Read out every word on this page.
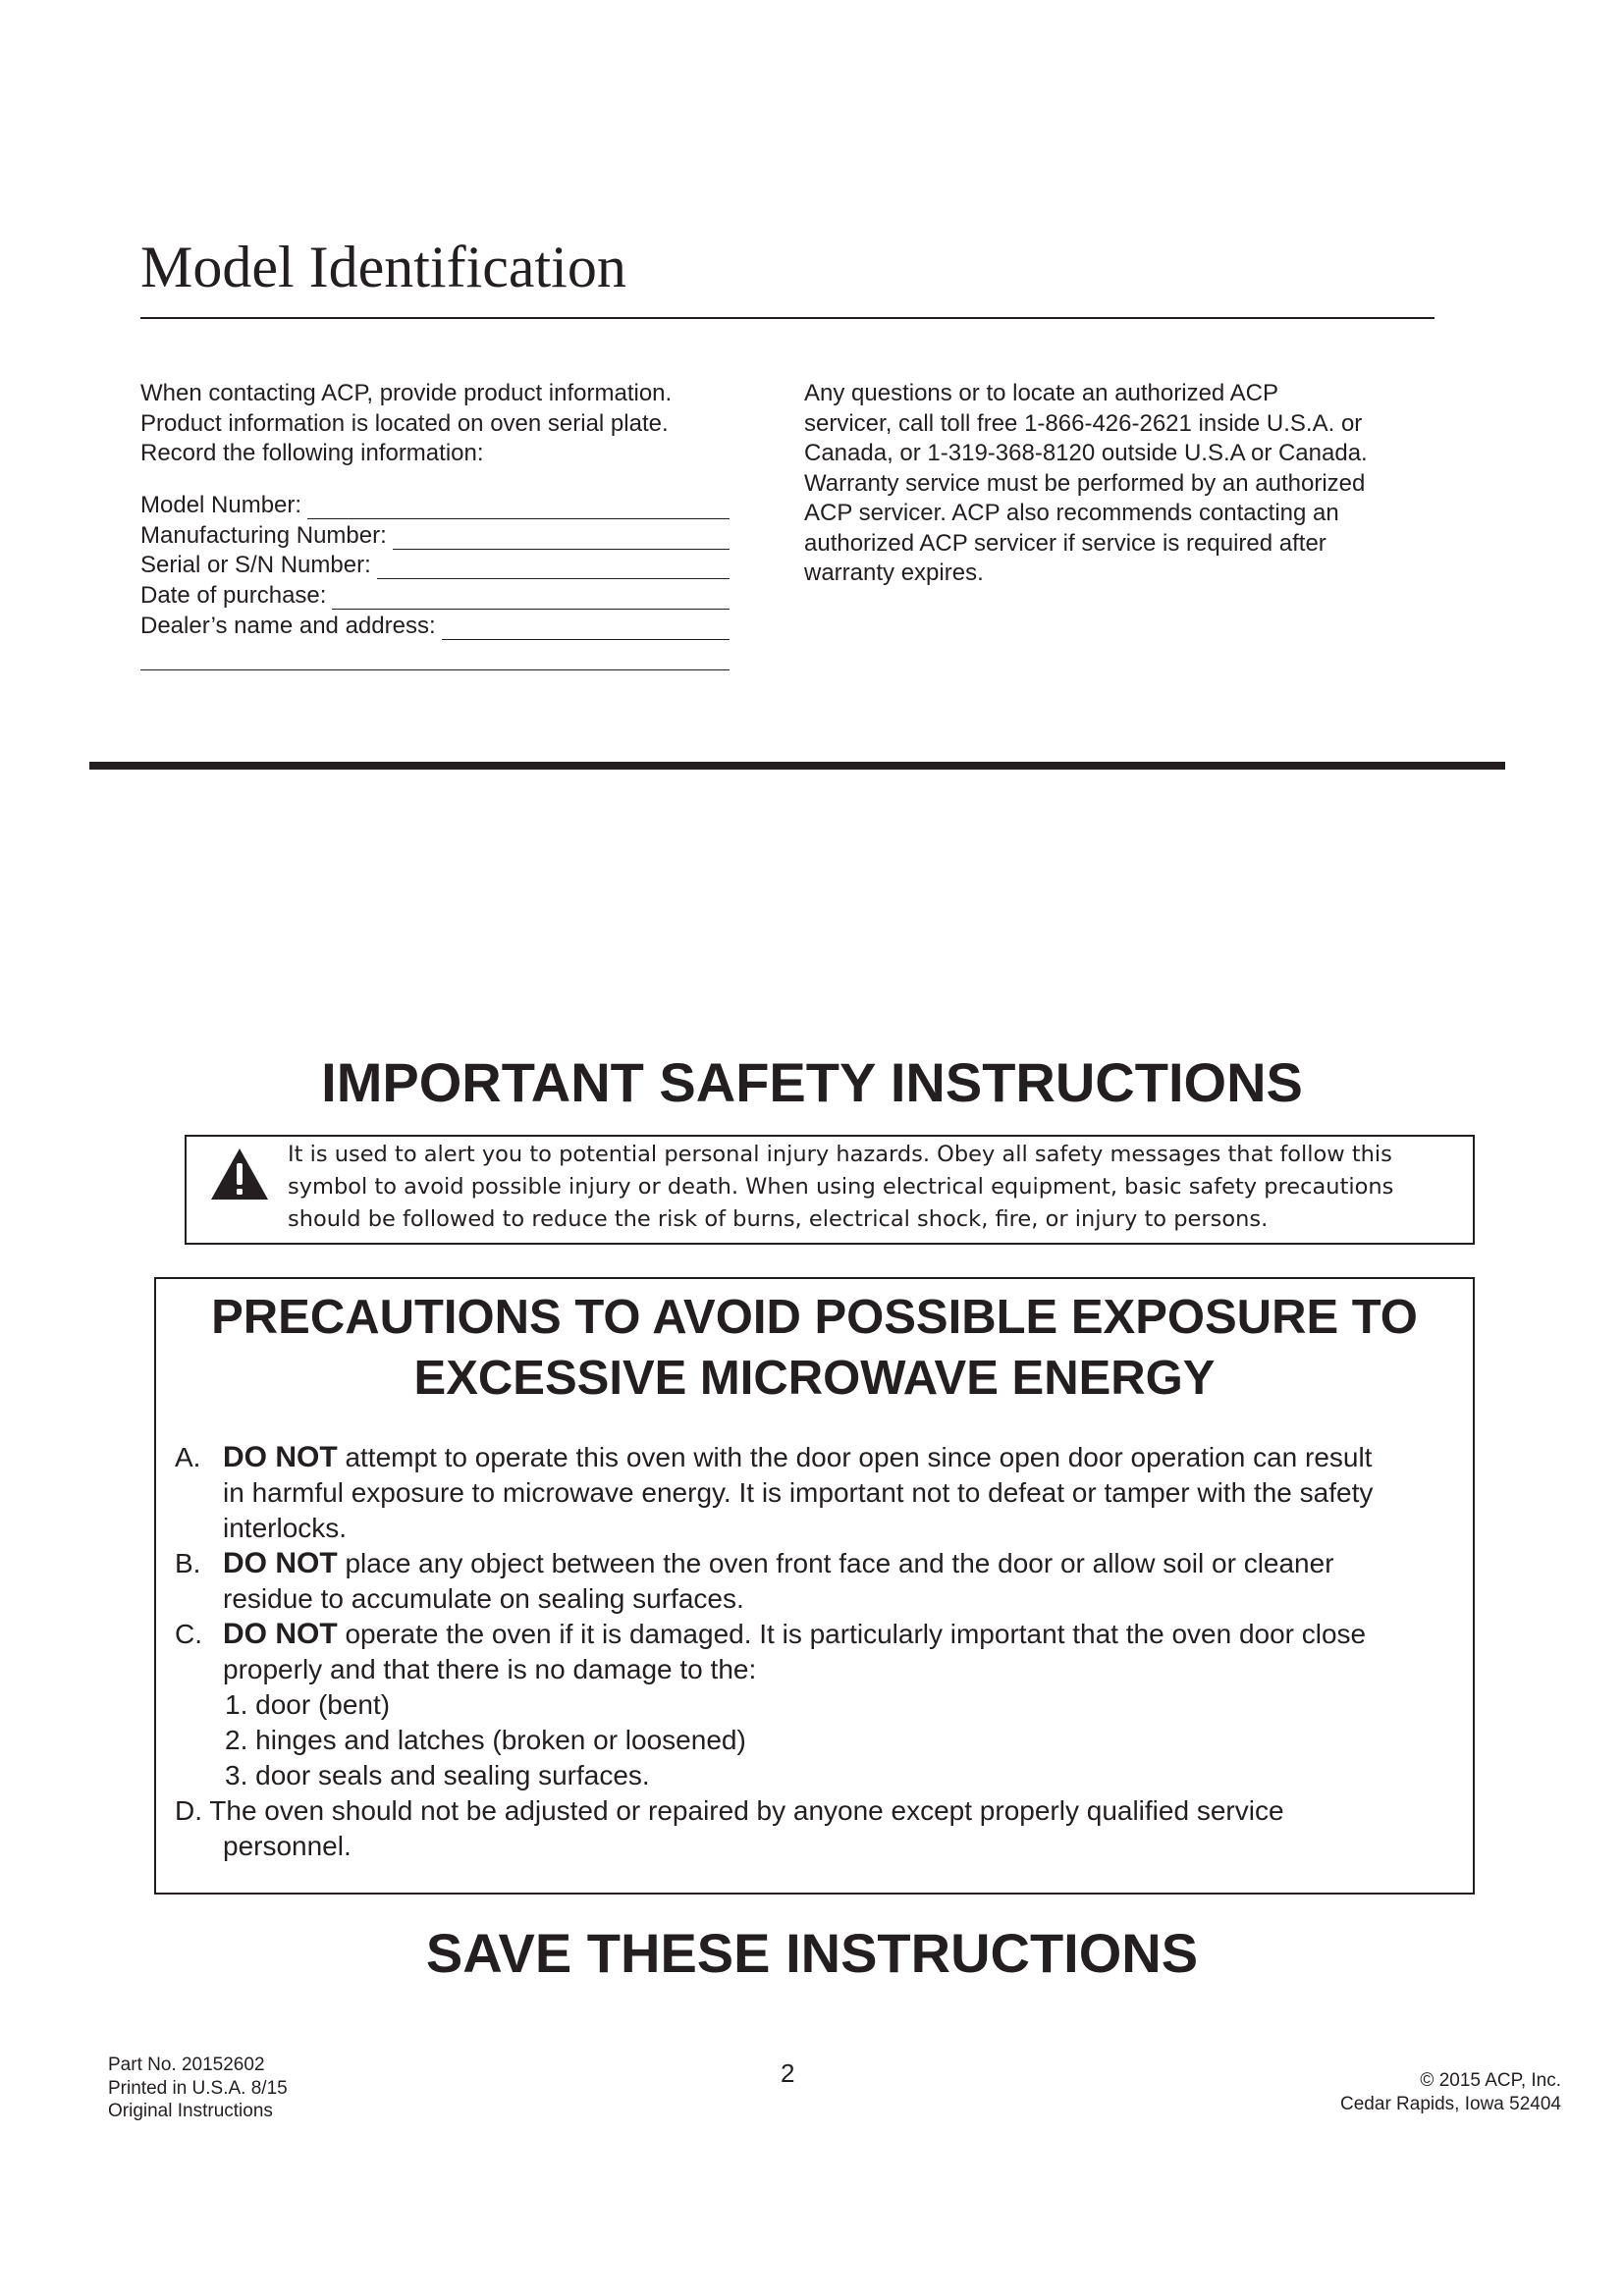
Model Identification
When contacting ACP, provide product information.
Product information is located on oven serial plate.
Record the following information:
Model Number:
Manufacturing Number:
Serial or S/N Number:
Date of purchase:
Dealer’s name and address:
Any questions or to locate an authorized ACP
servicer, call toll free 1-866-426-2621 inside U.S.A. or
Canada, or 1-319-368-8120 outside U.S.A or Canada.
Warranty service must be performed by an authorized
ACP servicer. ACP also recommends contacting an
authorized ACP servicer if service is required after
warranty expires.
IMPORTANT SAFETY INSTRUCTIONS
It is used to alert you to potential personal injury hazards. Obey all safety messages that follow this
symbol to avoid possible injury or death. When using electrical equipment, basic safety precautions
should be followed to reduce the risk of burns, electrical shock, fire, or injury to persons.
PRECAUTIONS TO AVOID POSSIBLE EXPOSURE TO
EXCESSIVE MICROWAVE ENERGY
A. DO NOT attempt to operate this oven with the door open since open door operation can result
in harmful exposure to microwave energy. It is important not to defeat or tamper with the safety
interlocks.
B. DO NOT place any object between the oven front face and the door or allow soil or cleaner
residue to accumulate on sealing surfaces.
C. DO NOT operate the oven if it is damaged. It is particularly important that the oven door close
properly and that there is no damage to the:
1. door (bent)
2. hinges and latches (broken or loosened)
3. door seals and sealing surfaces.
D. The oven should not be adjusted or repaired by anyone except properly qualified service
personnel.
SAVE THESE INSTRUCTIONS
Part No. 20152602
Printed in U.S.A. 8/15
Original Instructions
2	© 2015 ACP, Inc.
Cedar Rapids, Iowa 52404
